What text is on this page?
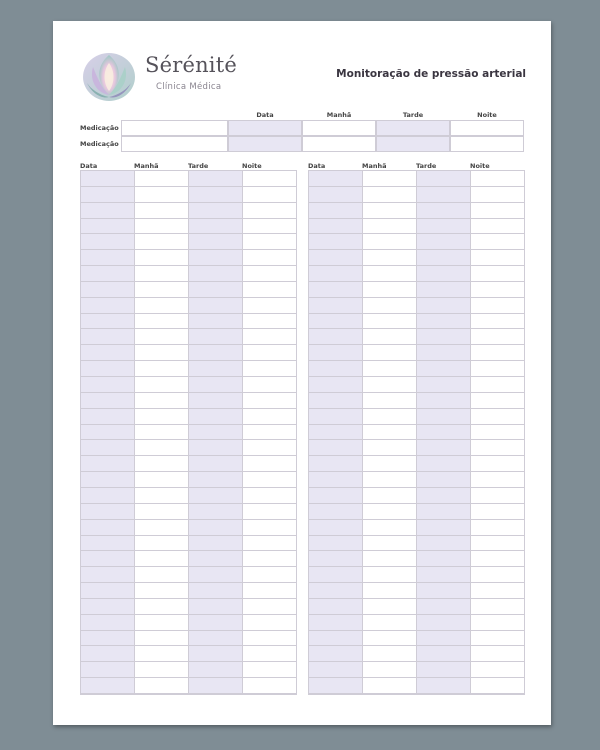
Sérénité
Clínica Médica
Monitoração de pressão arterial
Data	Manhã	Tarde	Noite
Medicação
Medicação
Data	Manhã	Tarde	Noite	Data	Manhã	Tarde	Noite
